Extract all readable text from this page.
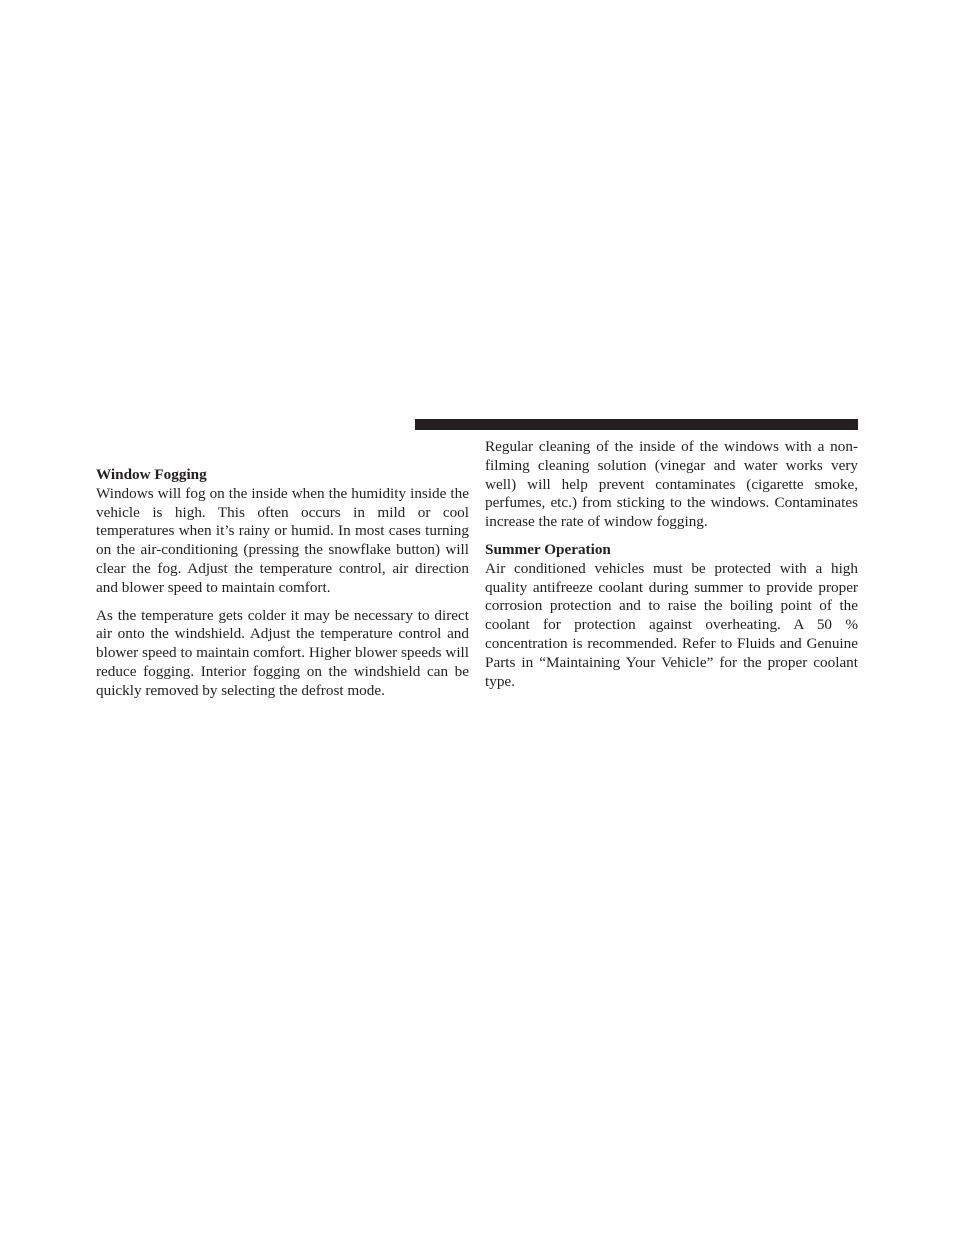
Window Fogging

Windows will fog on the inside when the humidity inside the vehicle is high. This often occurs in mild or cool temperatures when it’s rainy or humid. In most cases turning on the air-conditioning (pressing the snowflake button) will clear the fog. Adjust the temperature control, air direction and blower speed to maintain comfort.

As the temperature gets colder it may be necessary to direct air onto the windshield. Adjust the temperature control and blower speed to maintain comfort. Higher blower speeds will reduce fogging. Interior fogging on the windshield can be quickly removed by selecting the defrost mode.

Regular cleaning of the inside of the windows with a non-filming cleaning solution (vinegar and water works very well) will help prevent contaminates (cigarette smoke, perfumes, etc.) from sticking to the windows. Contaminates increase the rate of window fogging.

Summer Operation

Air conditioned vehicles must be protected with a high quality antifreeze coolant during summer to provide proper corrosion protection and to raise the boiling point of the coolant for protection against overheating. A 50 % concentration is recommended. Refer to Fluids and Genuine Parts in “Maintaining Your Vehicle” for the proper coolant type.
